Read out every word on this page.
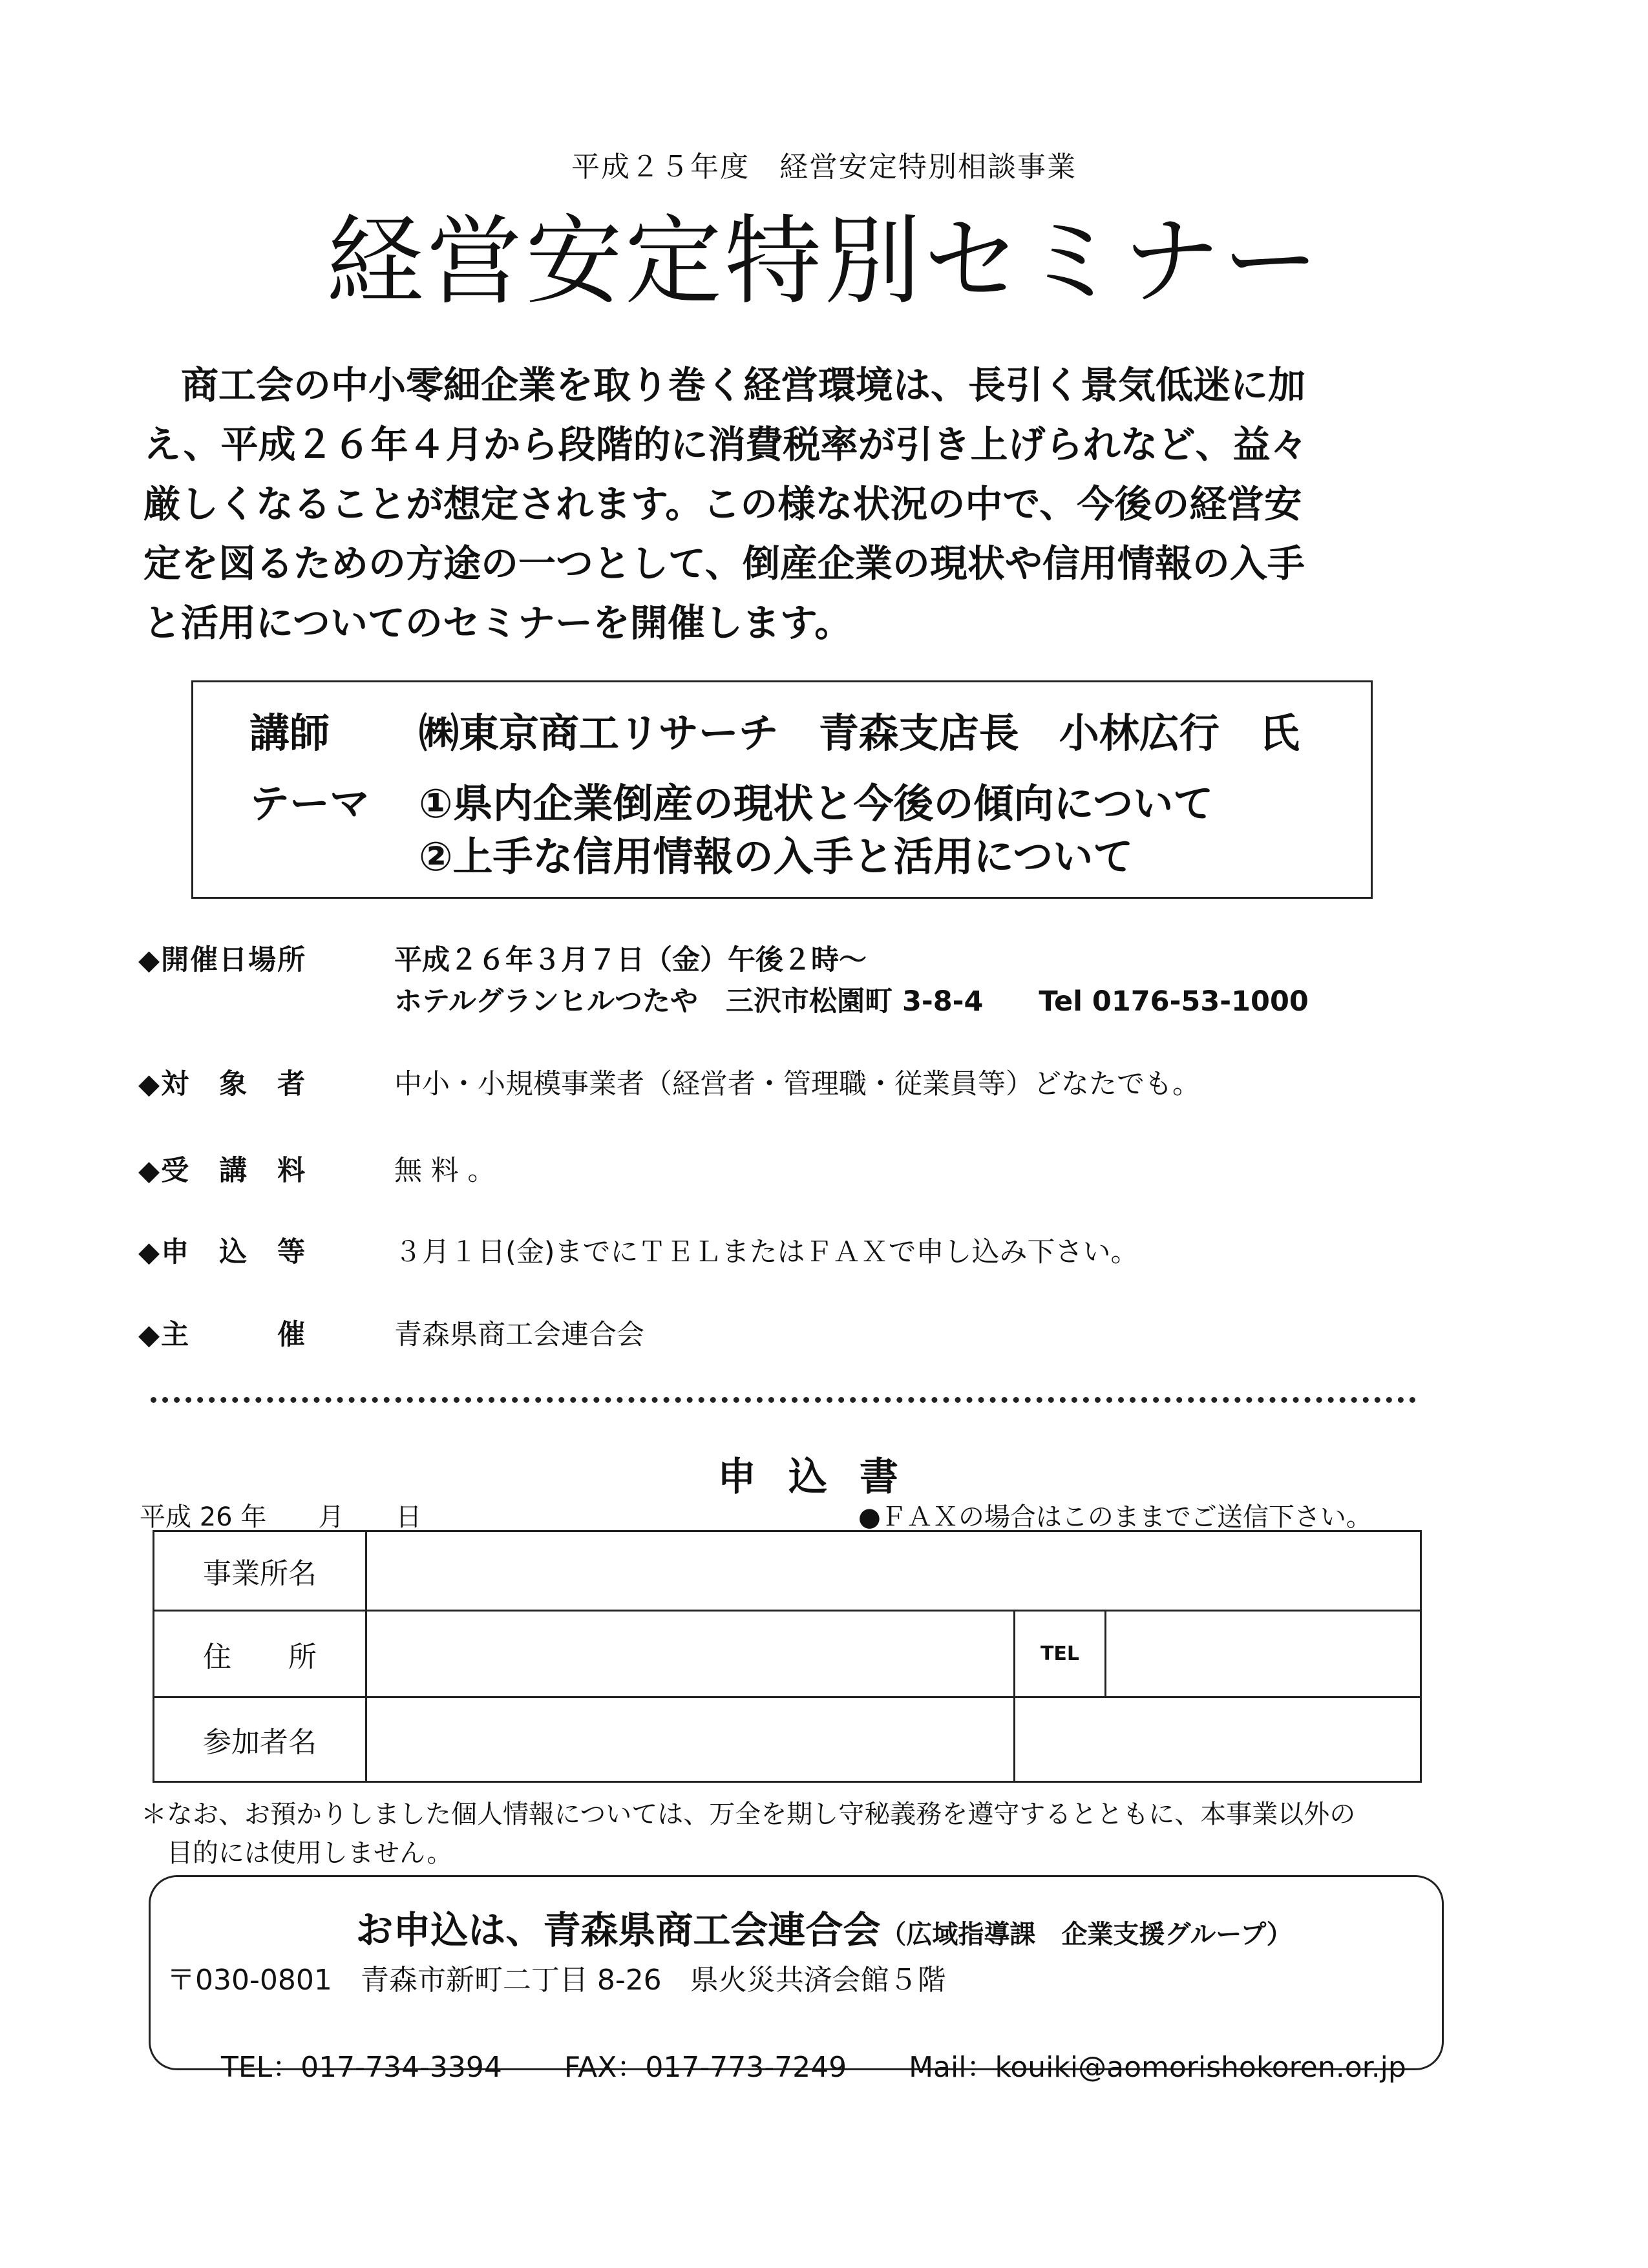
平成２５年度　経営安定特別相談事業
経営安定特別セミナー
　商工会の中小零細企業を取り巻く経営環境は、長引く景気低迷に加
え、平成２６年４月から段階的に消費税率が引き上げられなど、益々
厳しくなることが想定されます。この様な状況の中で、今後の経営安
定を図るための方途の一つとして、倒産企業の現状や信用情報の入手
と活用についてのセミナーを開催します。
講師 ㈱東京商工リサーチ　青森支店長　小林広行　氏
テーマ ①県内企業倒産の現状と今後の傾向について
②上手な信用情報の入手と活用について
◆開催日場所	平成２６年３月７日（金）午後２時～
ホテルグランヒルつたや　三沢市松園町 3-8-4　　Tel 0176-53-1000
◆対　象　者	中小・小規模事業者（経営者・管理職・従業員等）どなたでも。
◆受　講　料	無 料 。
◆申　込　等	３月１日(金)までにＴＥＬまたはＦＡＸで申し込み下さい。
◆主　　　催	青森県商工会連合会
申込書
平成 26 年　　月　　日	●ＦＡＸの場合はこのままでご送信下さい。
事業所名			
住　　所		TEL	
参加者名			
＊なお、お預かりしました個人情報については、万全を期し守秘義務を遵守するとともに、本事業以外の
　目的には使用しません。
お申込は、青森県商工会連合会（広域指導課　企業支援グループ）
〒030-0801　青森市新町二丁目 8-26　県火災共済会館５階

TEL：017-734-3394 FAX：017-773-7249 Mail：kouiki@aomorishokoren.or.jp
